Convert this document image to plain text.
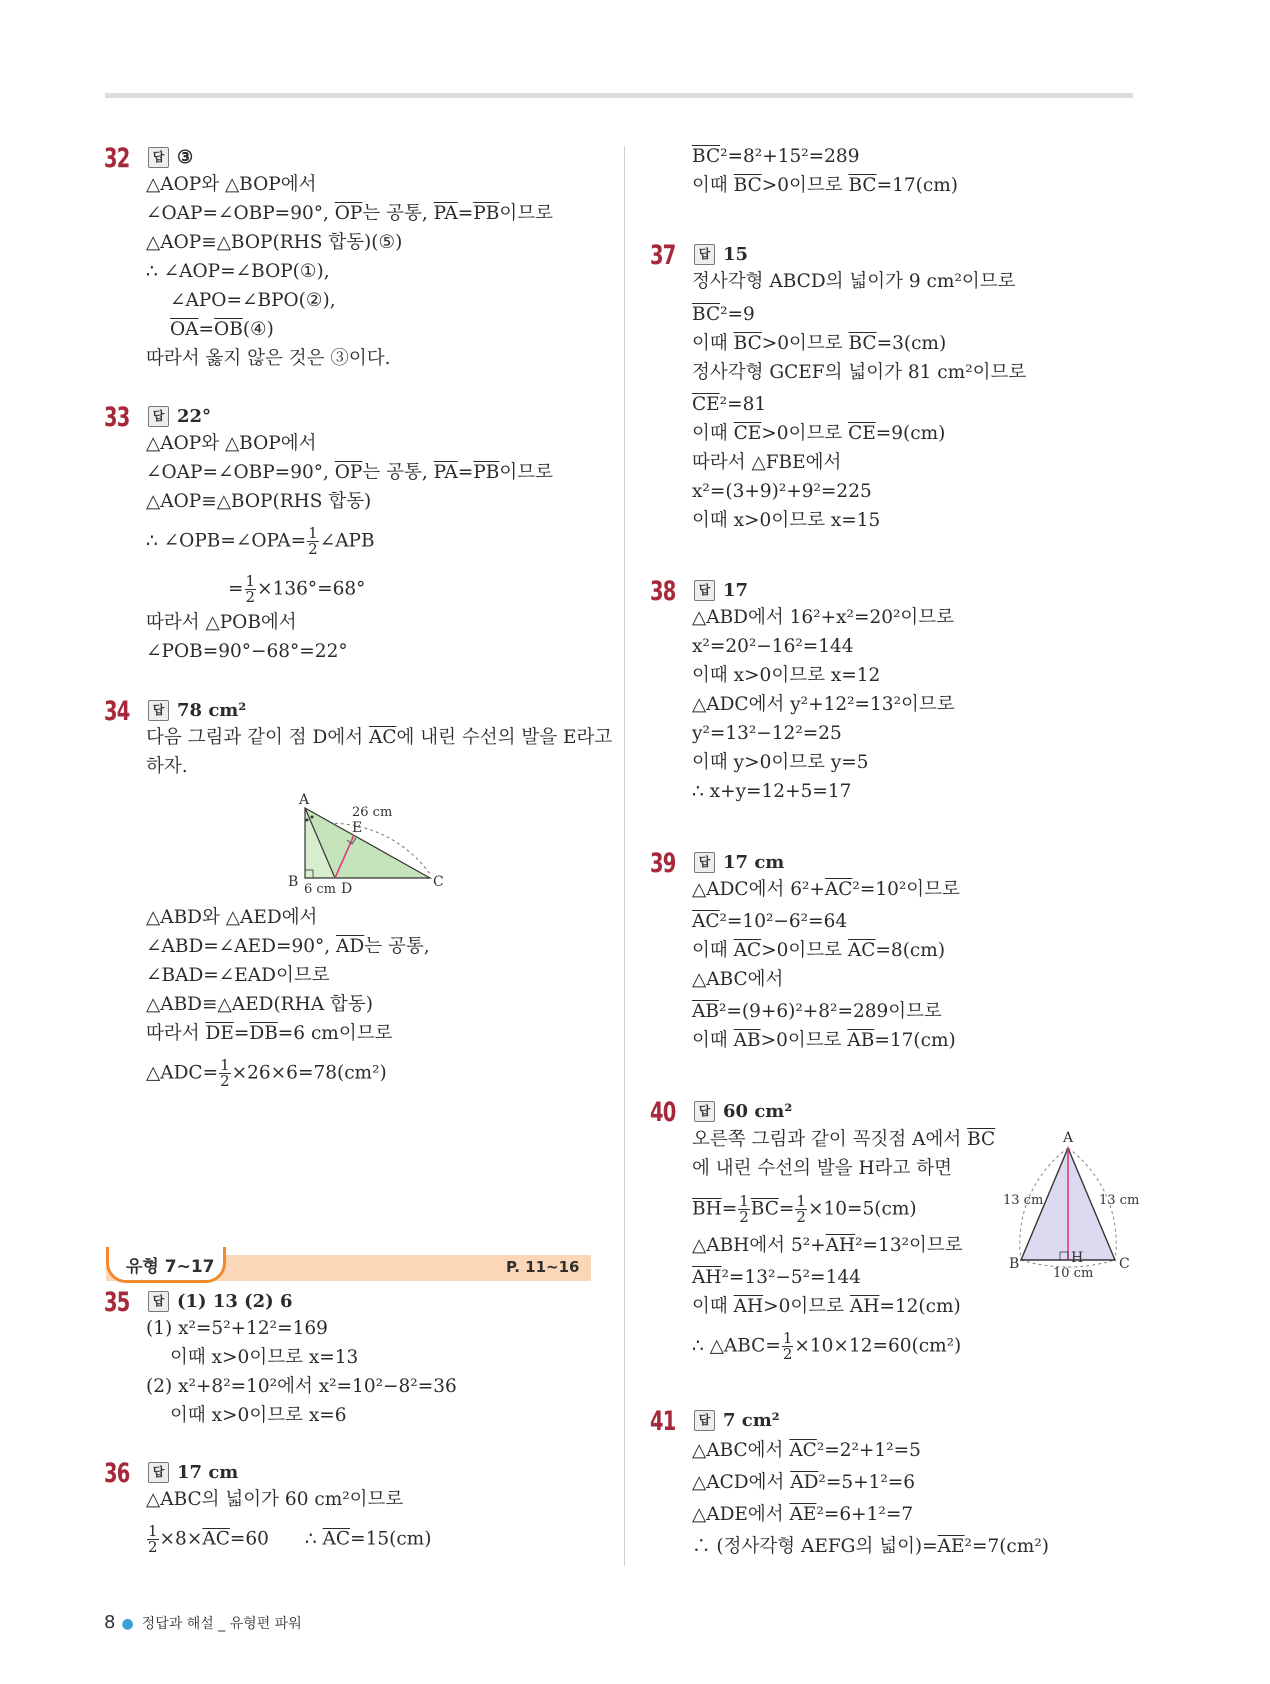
32	답 ③
△AOP와 △BOP에서
∠OAP=∠OBP=90°, $\overline{OP}$는 공통, $\overline{PA}=\overline{PB}$이므로
△AOP≡△BOP(RHS 합동)(⑤)
∴ ∠AOP=∠BOP(①),
∠APO=∠BPO(②),
$\overline{OA}=\overline{OB}(④)$
따라서 옳지 않은 것은 ③이다.
33	답 22°
△AOP와 △BOP에서
∠OAP=∠OBP=90°, $\overline{OP}$는 공통, $\overline{PA}=\overline{PB}$이므로
△AOP≡△BOP(RHS 합동)
∴ ∠OPB=∠OPA= $\frac{1}{2}$ ∠APB
= $\frac{1}{2} \times 136^\circ=68^\circ$
따라서 △POB에서
∠POB=90°−68°=22°
34	답 78 cm²
다음 그림과 같이 점 D에서 $\overline{AC}$에 내린 수선의 발을 E라고
하자.
A
B	C
D
E
26 cm
6 cm
△ABD와 △AED에서
∠ABD=∠AED=90°, $\overline{AD}$는 공통,
∠BAD=∠EAD이므로
△ABD≡△AED(RHA 합동)
따라서 $\overline{DE}=\overline{DB}=6$ cm이므로
△ADC= $\frac{1}{2} \times 26\times 6=78(cm^2)$
유형 7~17	P. 11~16
35	답 (1) 13 (2) 6
(1) x²=5²+12²=169
이때 x>0이므로 x=13
(2) x²+8²=10²에서 x²=10²−8²=36
이때 x>0이므로 x=6
36	답 17 cm
△ABC의 넓이가 60 cm²이므로
$\frac{1}{2} \times 8\times\overline{AC}=60$ ∴ $\overline{AC}=15(cm)$
$\overline{BC}^2=8^2+15^2=289$
이때 $\overline{BC}>0$이므로 $\overline{BC}=17(cm)$
37	답 15
정사각형 ABCD의 넓이가 9 cm²이므로
$\overline{BC}^2=9$
이때 $\overline{BC}>0$이므로 $\overline{BC}=3(cm)$
정사각형 GCEF의 넓이가 81 cm²이므로
$\overline{CE}^2=81$
이때 $\overline{CE}>0$이므로 $\overline{CE}=9(cm)$
따라서 △FBE에서
x²=(3+9)²+9²=225
이때 x>0이므로 x=15
38	답 17
△ABD에서 16²+x²=20²이므로
x²=20²−16²=144
이때 x>0이므로 x=12
△ADC에서 y²+12²=13²이므로
y²=13²−12²=25
이때 y>0이므로 y=5
∴ x+y=12+5=17
39	답 17 cm
△ADC에서 $6^2+\overline{AC}^2=10^2$이므로
$\overline{AC}^2=10^2-6^2=64$
이때 $\overline{AC}>0$이므로 $\overline{AC}=8(cm)$
△ABC에서
$\overline{AB}^2=(9+6)^2+8^2=289$이므로
이때 $\overline{AB}>0$이므로 $\overline{AB}=17(cm)$
40	답 60 cm²
오른쪽 그림과 같이 꼭짓점 A에서 $\overline{BC}$
에 내린 수선의 발을 H라고 하면
$\overline{BH}= \frac{1}{2} \overline{BC}= \frac{1}{2} \times 10=5(cm)$
△ABH에서 $5^2+\overline{AH}^2=13^2$이므로
$\overline{AH}^2=13^2-5^2=144$
이때 $\overline{AH}>0$이므로 $\overline{AH}=12(cm)$
∴ △ABC= $\frac{1}{2} \times 10\times 12=60(cm^2)$
A
B	C
H
13 cm	13 cm
10 cm
41	답 7 cm²
△ABC에서 $\overline{AC}^2=2^2+1^2=5$
△ACD에서 $\overline{AD}^2=5+1^2=6$
△ADE에서 $\overline{AE}^2=6+1^2=7$
∴ (정사각형 AEFG의 넓이)$=\overline{AE}^2=7(cm^2)$
8 ● 정답과 해설 _ 유형편 파워
